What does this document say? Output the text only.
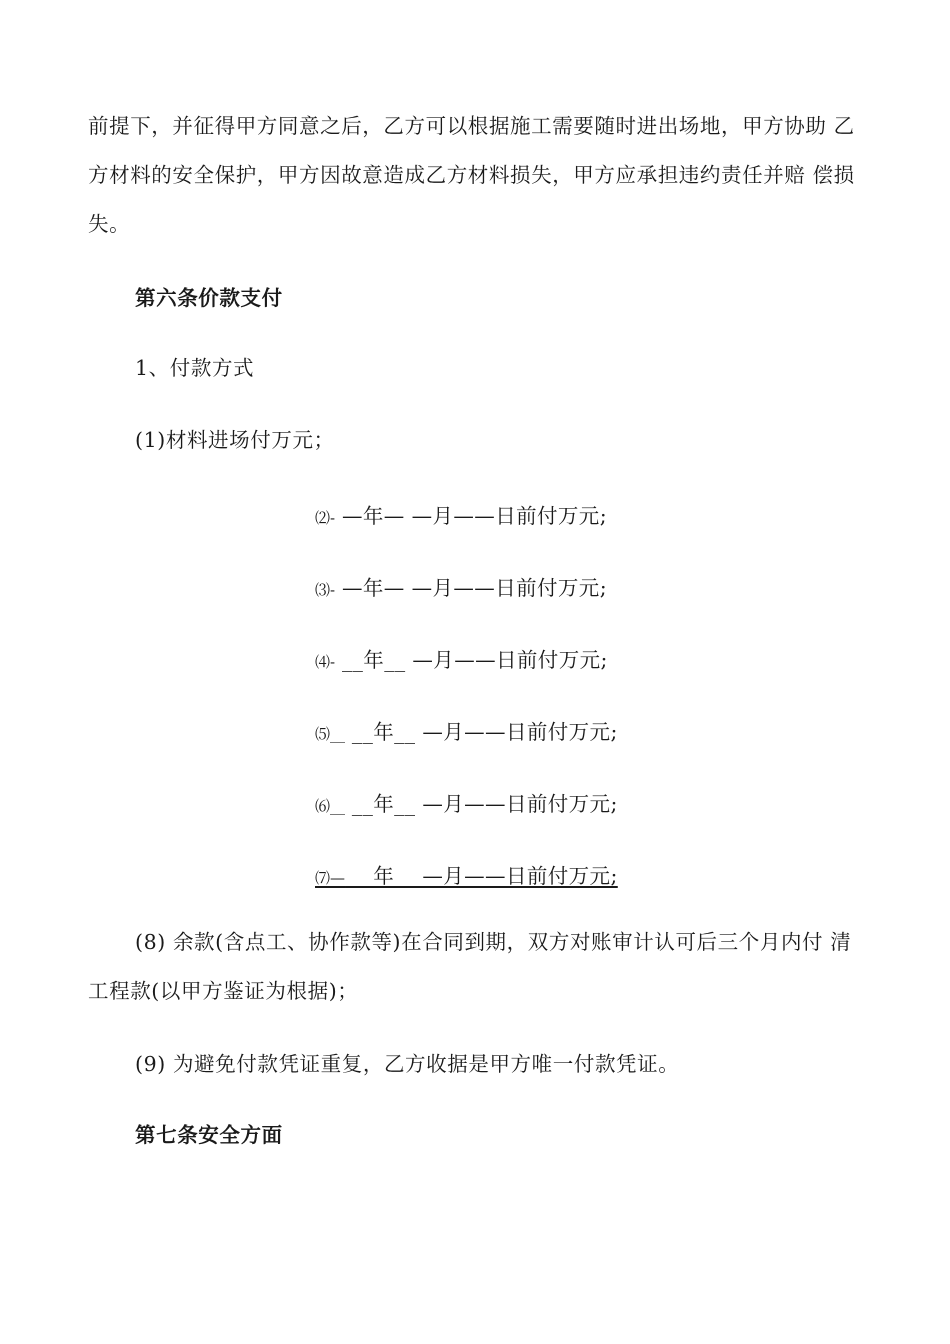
前提下，并征得甲方同意之后，乙方可以根据施工需要随时进出场地，甲方协助 乙
方材料的安全保护，甲方因故意造成乙方材料损失，甲方应承担违约责任并赔 偿损
失。
第六条价款支付
1、付款方式
(1)材料进场付万元；
⑵- —年— —月——日前付万元;
⑶- —年— —月——日前付万元;
⑷- __年__ —月——日前付万元;
⑸__ __年__ —月——日前付万元;
⑹__ __年__ —月——日前付万元;
⑺— __年__ —月——日前付万元;
(8) 余款(含点工、协作款等)在合同到期，双方对账审计认可后三个月内付 清
工程款(以甲方鉴证为根据)；
(9) 为避免付款凭证重复，乙方收据是甲方唯一付款凭证。
第七条安全方面
